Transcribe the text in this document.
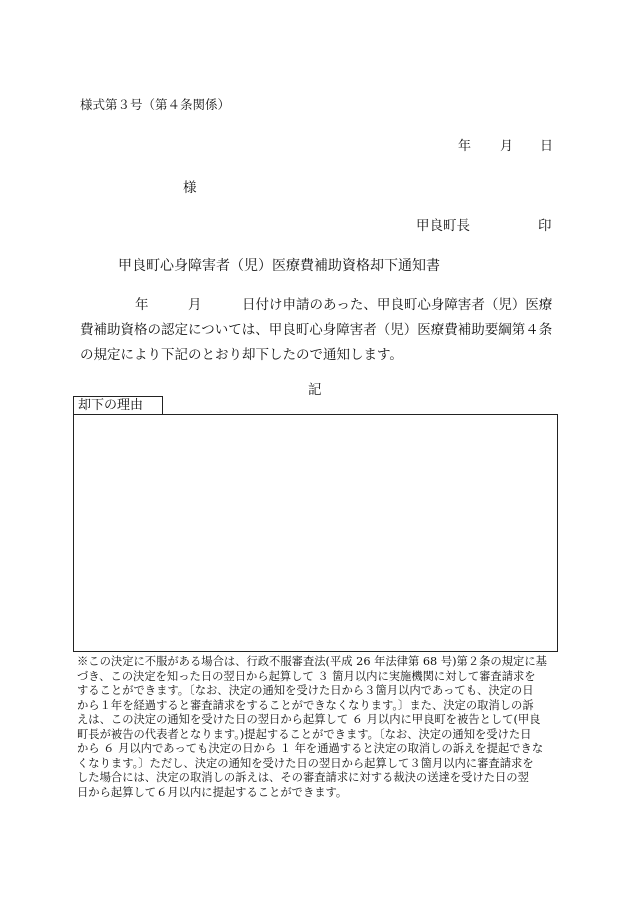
様式第３号（第４条関係）
年 月 日
様
甲良町長	印
甲良町心身障害者（児）医療費補助資格却下通知書
年	月	日付け申請のあった、甲良町心身障害者（児）医療
費補助資格の認定については、甲良町心身障害者（児）医療費補助要綱第４条
の規定により下記のとおり却下したので通知します。
記
却下の理由
※この決定に不服がある場合は、行政不服審査法(平成 26 年法律第 68 号)第２条の規定に基
づき、この決定を知った日の翌日から起算して ３ 箇月以内に実施機関に対して審査請求を
することができます。〔なお、決定の通知を受けた日から３箇月以内であっても、決定の日
から１年を経過すると審査請求をすることができなくなります。〕また、決定の取消しの訴
えは、この決定の通知を受けた日の翌日から起算して ６ 月以内に甲良町を被告として(甲良
町長が被告の代表者となります。)提起することができます。〔なお、決定の通知を受けた日
から ６ 月以内であっても決定の日から １ 年を通過すると決定の取消しの訴えを提起できな
くなります。〕ただし、決定の通知を受けた日の翌日から起算して３箇月以内に審査請求を
した場合には、決定の取消しの訴えは、その審査請求に対する裁決の送達を受けた日の翌
日から起算して６月以内に提起することができます。
